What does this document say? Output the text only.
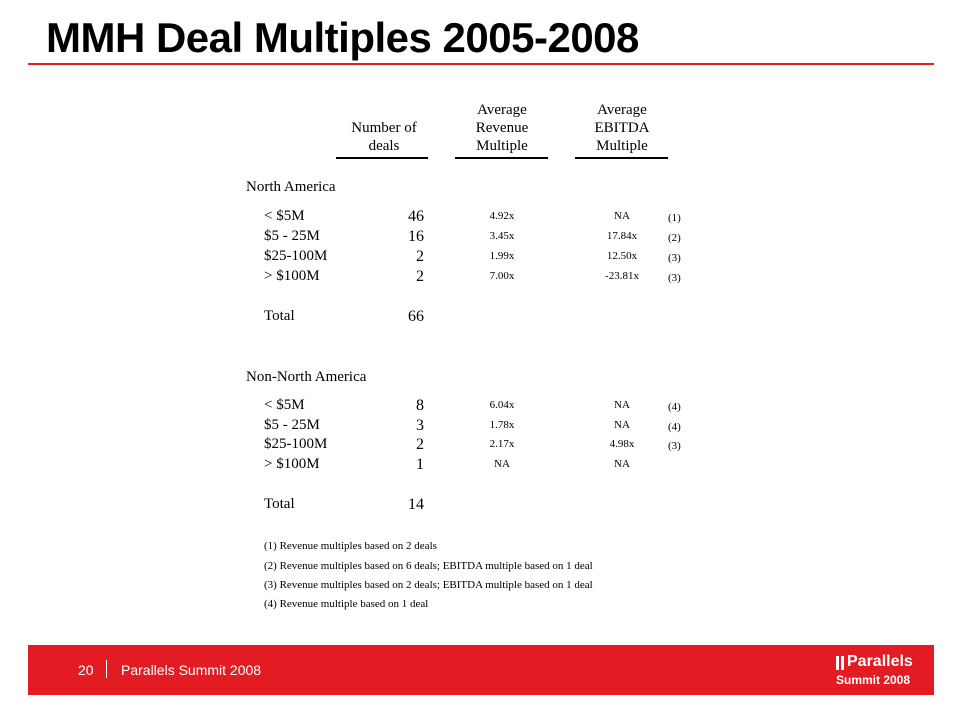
MMH Deal Multiples 2005-2008
Number of
deals
Average
Revenue
Multiple
Average
EBITDA
Multiple
North America
< $5M	46	4.92x	NA	(1)
$5 - 25M	16	3.45x	17.84x	(2)
$25-100M	2	1.99x	12.50x	(3)
> $100M	2	7.00x	-23.81x	(3)
Total	66
Non-North America
< $5M	8	6.04x	NA	(4)
$5 - 25M	3	1.78x	NA	(4)
$25-100M	2	2.17x	4.98x	(3)
> $100M	1	NA	NA
Total	14
(1) Revenue multiples based on 2 deals
(2) Revenue multiples based on 6 deals; EBITDA multiple based on 1 deal
(3) Revenue multiples based on 2 deals; EBITDA multiple based on 1 deal
(4) Revenue multiple based on 1 deal
20 Parallels Summit 2008	Parallels
Summit 2008
